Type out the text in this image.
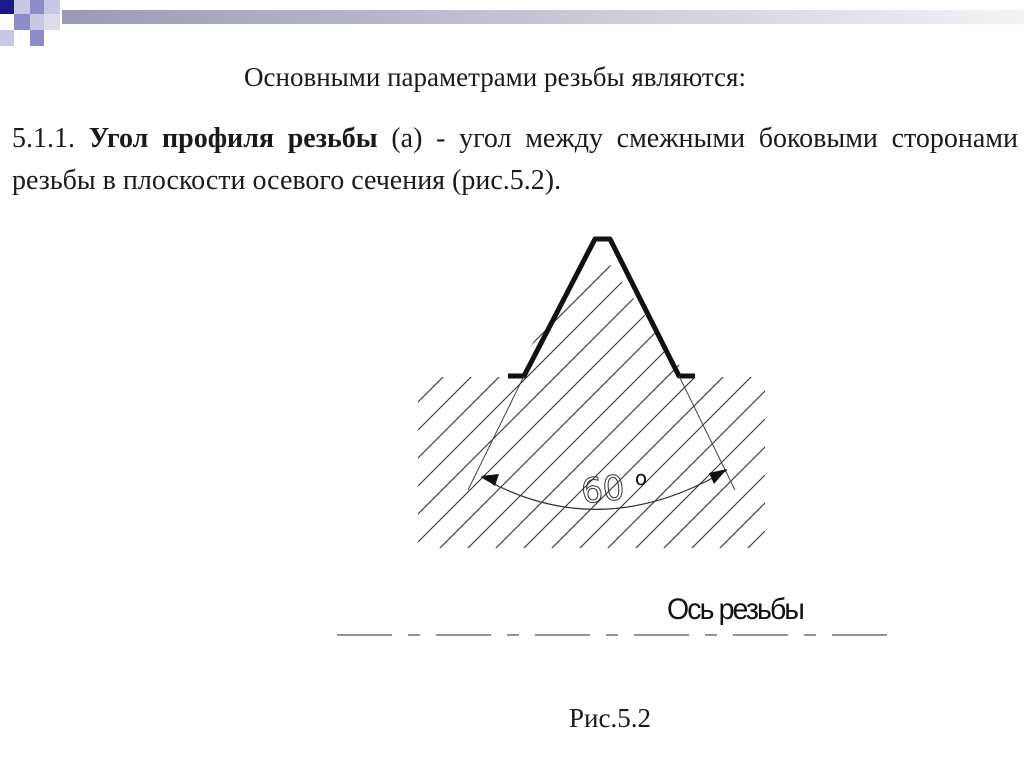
Основными параметрами резьбы являются:
5.1.1. Угол профиля резьбы (а) - угол между смежными боковыми сторонами резьбы в плоскости осевого сечения (рис.5.2).
60 о
Ось резьбы
Рис.5.2
